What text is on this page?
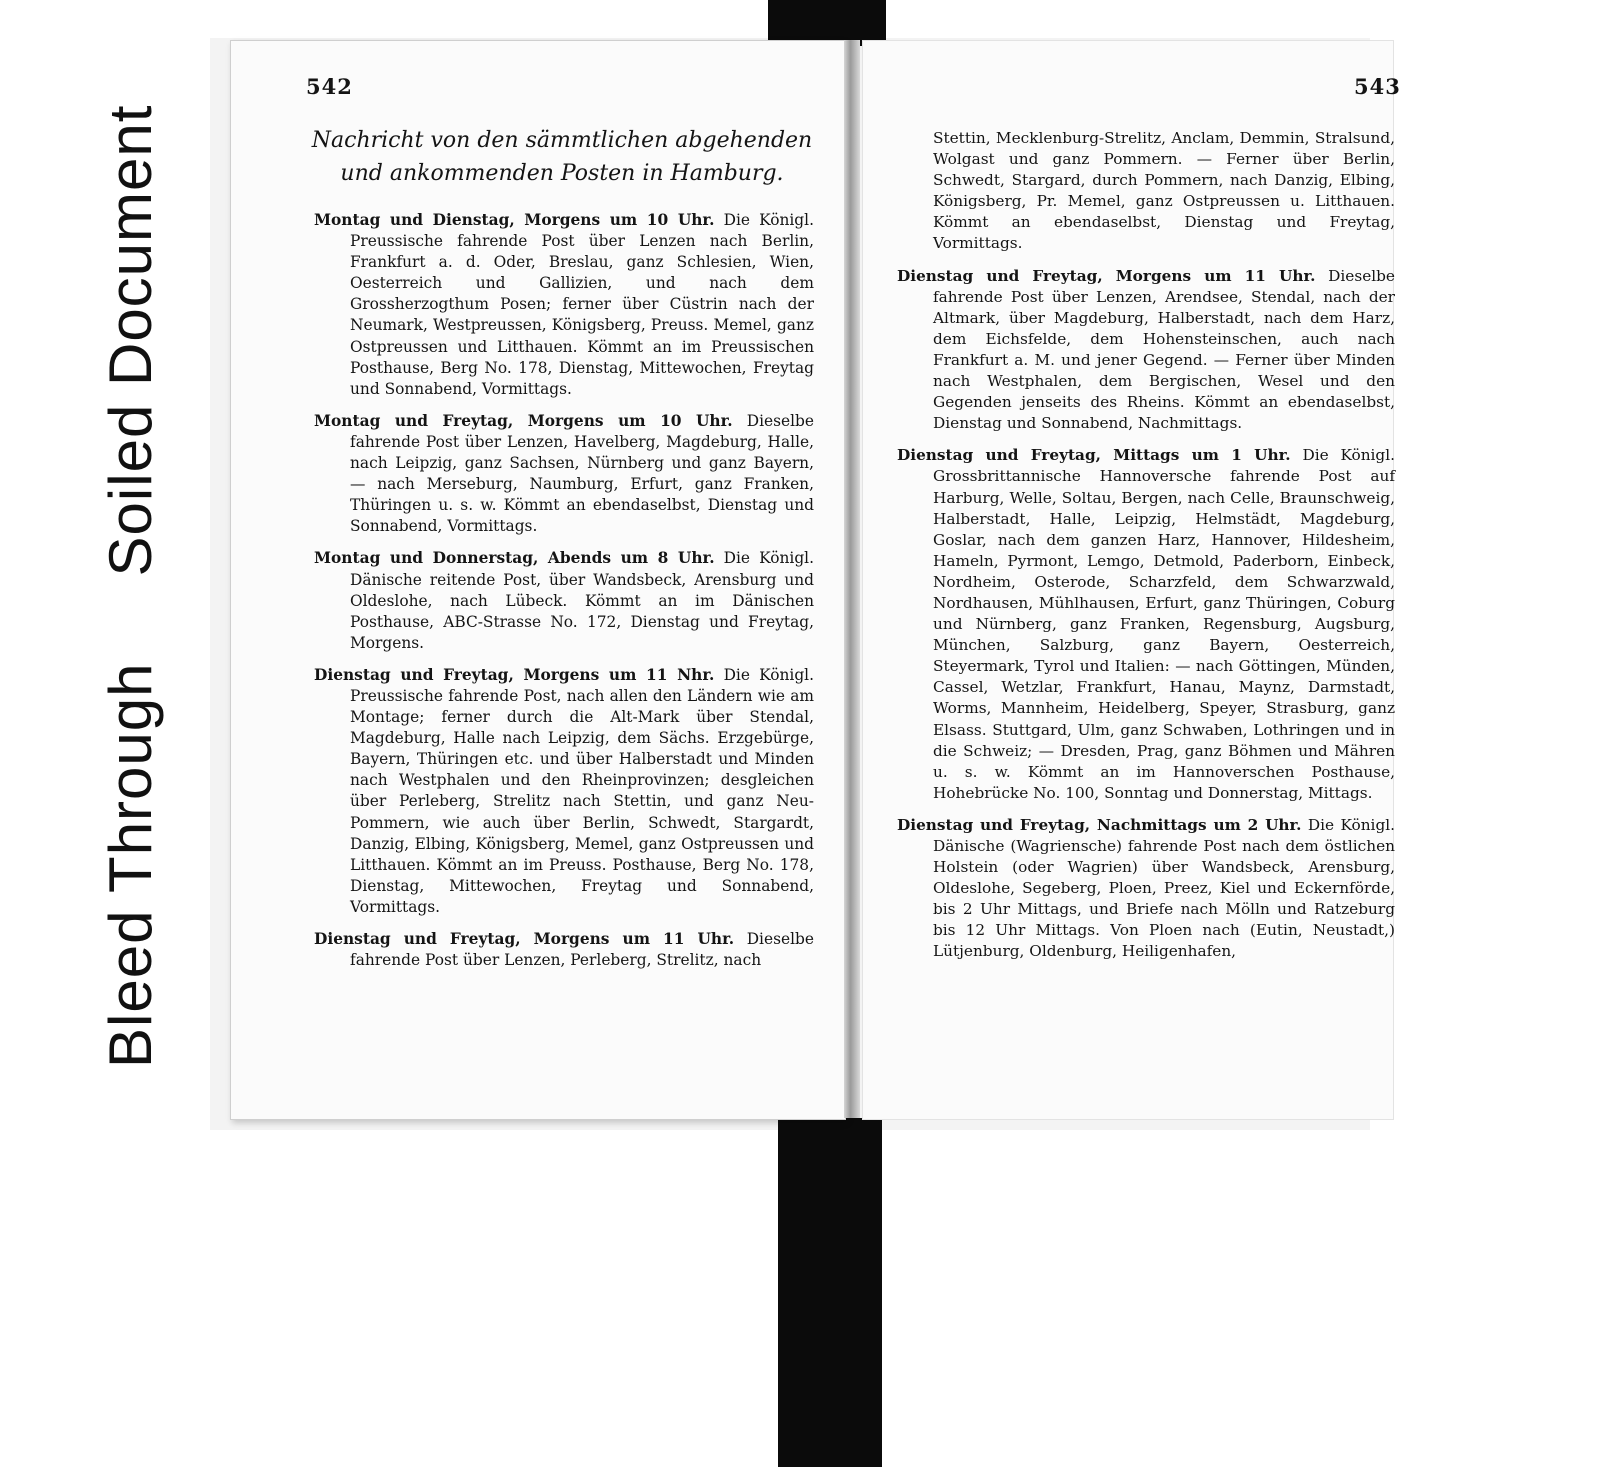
Bleed ThroughSoiled Document
542	543
Nachricht von den sämmtlichen abgehenden und ankommenden Posten in Hamburg.

Montag und Dienstag, Morgens um 10 Uhr. Die Königl. Preussische fahrende Post über Lenzen nach Berlin, Frankfurt a. d. Oder, Breslau, ganz Schlesien, Wien, Oesterreich und Gallizien, und nach dem Grossherzogthum Posen; ferner über Cüstrin nach der Neumark, Westpreussen, Königsberg, Preuss. Memel, ganz Ostpreussen und Litthauen. Kömmt an im Preussischen Posthause, Berg No. 178, Dienstag, Mittewochen, Freytag und Sonnabend, Vormittags.

Montag und Freytag, Morgens um 10 Uhr. Dieselbe fahrende Post über Lenzen, Havelberg, Magdeburg, Halle, nach Leipzig, ganz Sachsen, Nürnberg und ganz Bayern, — nach Merseburg, Naumburg, Erfurt, ganz Franken, Thüringen u. s. w. Kömmt an ebendaselbst, Dienstag und Sonnabend, Vormittags.

Montag und Donnerstag, Abends um 8 Uhr. Die Königl. Dänische reitende Post, über Wandsbeck, Arensburg und Oldeslohe, nach Lübeck. Kömmt an im Dänischen Posthause, ABC-Strasse No. 172, Dienstag und Freytag, Morgens.

Dienstag und Freytag, Morgens um 11 Nhr. Die Königl. Preussische fahrende Post, nach allen den Ländern wie am Montage; ferner durch die Alt-Mark über Stendal, Magdeburg, Halle nach Leipzig, dem Sächs. Erzgebürge, Bayern, Thüringen etc. und über Halberstadt und Minden nach Westphalen und den Rheinprovinzen; desgleichen über Perleberg, Strelitz nach Stettin, und ganz Neu-Pommern, wie auch über Berlin, Schwedt, Stargardt, Danzig, Elbing, Königsberg, Memel, ganz Ostpreussen und Litthauen. Kömmt an im Preuss. Posthause, Berg No. 178, Dienstag, Mittewochen, Freytag und Sonnabend, Vormittags.

Dienstag und Freytag, Morgens um 11 Uhr. Dieselbe fahrende Post über Lenzen, Perleberg, Strelitz, nach

Stettin, Mecklenburg-Strelitz, Anclam, Demmin, Stralsund, Wolgast und ganz Pommern. — Ferner über Berlin, Schwedt, Stargard, durch Pommern, nach Danzig, Elbing, Königsberg, Pr. Memel, ganz Ostpreussen u. Litthauen. Kömmt an ebendaselbst, Dienstag und Freytag, Vormittags.

Dienstag und Freytag, Morgens um 11 Uhr. Dieselbe fahrende Post über Lenzen, Arendsee, Stendal, nach der Altmark, über Magdeburg, Halberstadt, nach dem Harz, dem Eichsfelde, dem Hohensteinschen, auch nach Frankfurt a. M. und jener Gegend. — Ferner über Minden nach Westphalen, dem Bergischen, Wesel und den Gegenden jenseits des Rheins. Kömmt an ebendaselbst, Dienstag und Sonnabend, Nachmittags.

Dienstag und Freytag, Mittags um 1 Uhr. Die Königl. Grossbrittannische Hannoversche fahrende Post auf Harburg, Welle, Soltau, Bergen, nach Celle, Braunschweig, Halberstadt, Halle, Leipzig, Helmstädt, Magdeburg, Goslar, nach dem ganzen Harz, Hannover, Hildesheim, Hameln, Pyrmont, Lemgo, Detmold, Paderborn, Einbeck, Nordheim, Osterode, Scharzfeld, dem Schwarzwald, Nordhausen, Mühlhausen, Erfurt, ganz Thüringen, Coburg und Nürnberg, ganz Franken, Regensburg, Augsburg, München, Salzburg, ganz Bayern, Oesterreich, Steyermark, Tyrol und Italien: — nach Göttingen, Münden, Cassel, Wetzlar, Frankfurt, Hanau, Maynz, Darmstadt, Worms, Mannheim, Heidelberg, Speyer, Strasburg, ganz Elsass. Stuttgard, Ulm, ganz Schwaben, Lothringen und in die Schweiz; — Dresden, Prag, ganz Böhmen und Mähren u. s. w. Kömmt an im Hannoverschen Posthause, Hohebrücke No. 100, Sonntag und Donnerstag, Mittags.

Dienstag und Freytag, Nachmittags um 2 Uhr. Die Königl. Dänische (Wagriensche) fahrende Post nach dem östlichen Holstein (oder Wagrien) über Wandsbeck, Arensburg, Oldeslohe, Segeberg, Ploen, Preez, Kiel und Eckernförde, bis 2 Uhr Mittags, und Briefe nach Mölln und Ratzeburg bis 12 Uhr Mittags. Von Ploen nach (Eutin, Neustadt,) Lütjenburg, Oldenburg, Heiligenhafen,
